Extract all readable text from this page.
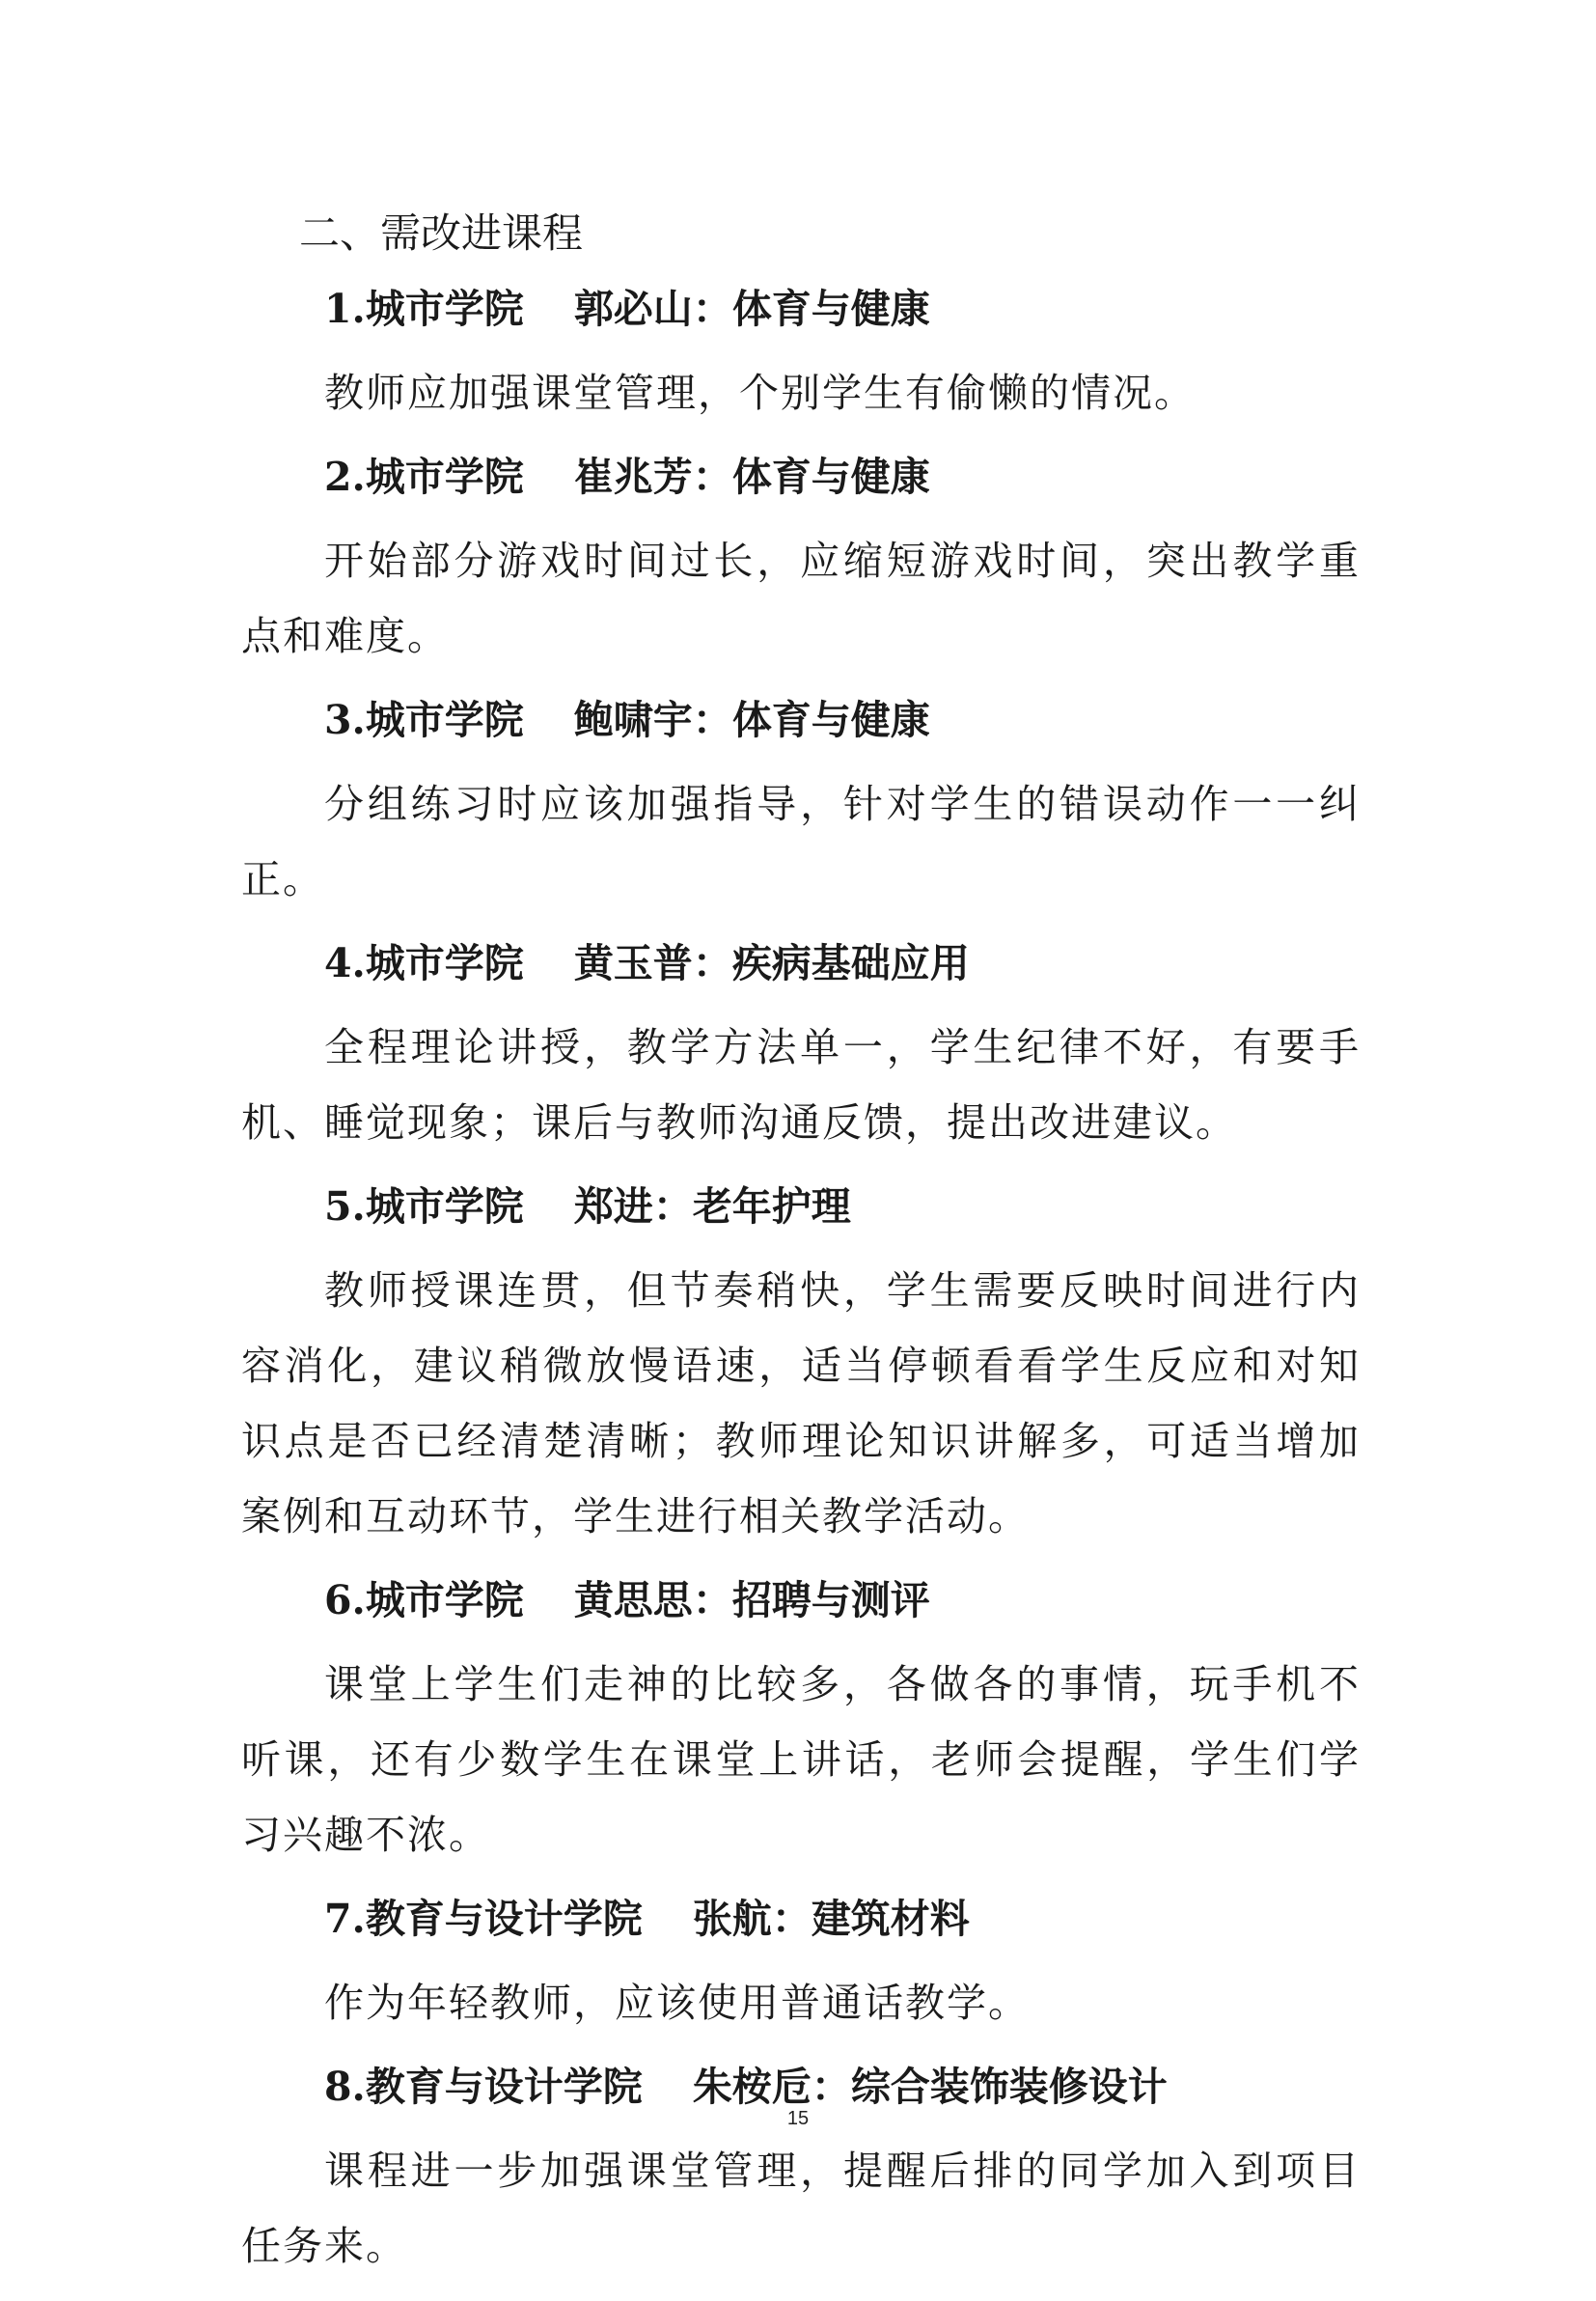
二、需改进课程

1.城市学院 郭必山：体育与健康

教师应加强课堂管理，个别学生有偷懒的情况。

2.城市学院 崔兆芳：体育与健康

开始部分游戏时间过长，应缩短游戏时间，突出教学重点和难度。

3.城市学院 鲍啸宇：体育与健康

分组练习时应该加强指导，针对学生的错误动作一一纠正。

4.城市学院 黄玉普：疾病基础应用

全程理论讲授，教学方法单一，学生纪律不好，有要手机、睡觉现象；课后与教师沟通反馈，提出改进建议。

5.城市学院 郑进：老年护理

教师授课连贯，但节奏稍快，学生需要反映时间进行内容消化，建议稍微放慢语速，适当停顿看看学生反应和对知识点是否已经清楚清晰；教师理论知识讲解多，可适当增加案例和互动环节，学生进行相关教学活动。

6.城市学院 黄思思：招聘与测评

课堂上学生们走神的比较多，各做各的事情，玩手机不听课，还有少数学生在课堂上讲话，老师会提醒，学生们学习兴趣不浓。

7.教育与设计学院 张航：建筑材料

作为年轻教师，应该使用普通话教学。

8.教育与设计学院 朱桉卮：综合装饰装修设计

课程进一步加强课堂管理，提醒后排的同学加入到项目任务来。

15
